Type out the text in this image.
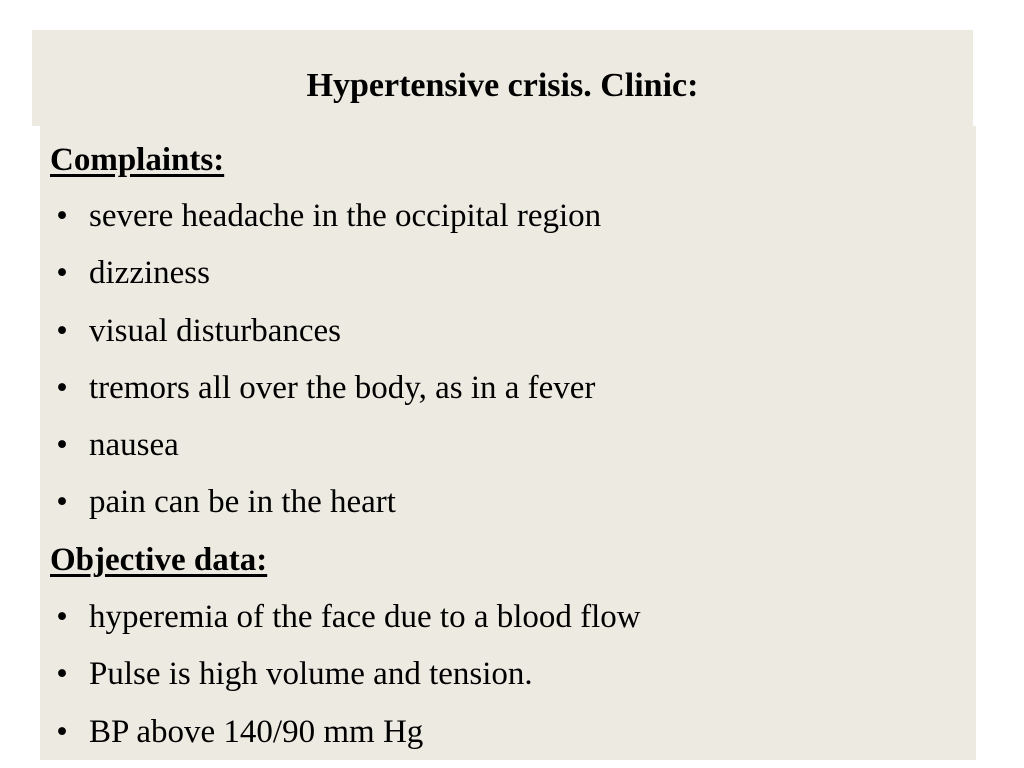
Hypertensive crisis. Clinic:
Complaints:
• severe headache in the occipital region
• dizziness
• visual disturbances
• tremors all over the body, as in a fever
• nausea
• pain can be in the heart
Objective data:
• hyperemia of the face due to a blood flow
• Pulse is high volume and tension.
• BP above 140/90 mm Hg
